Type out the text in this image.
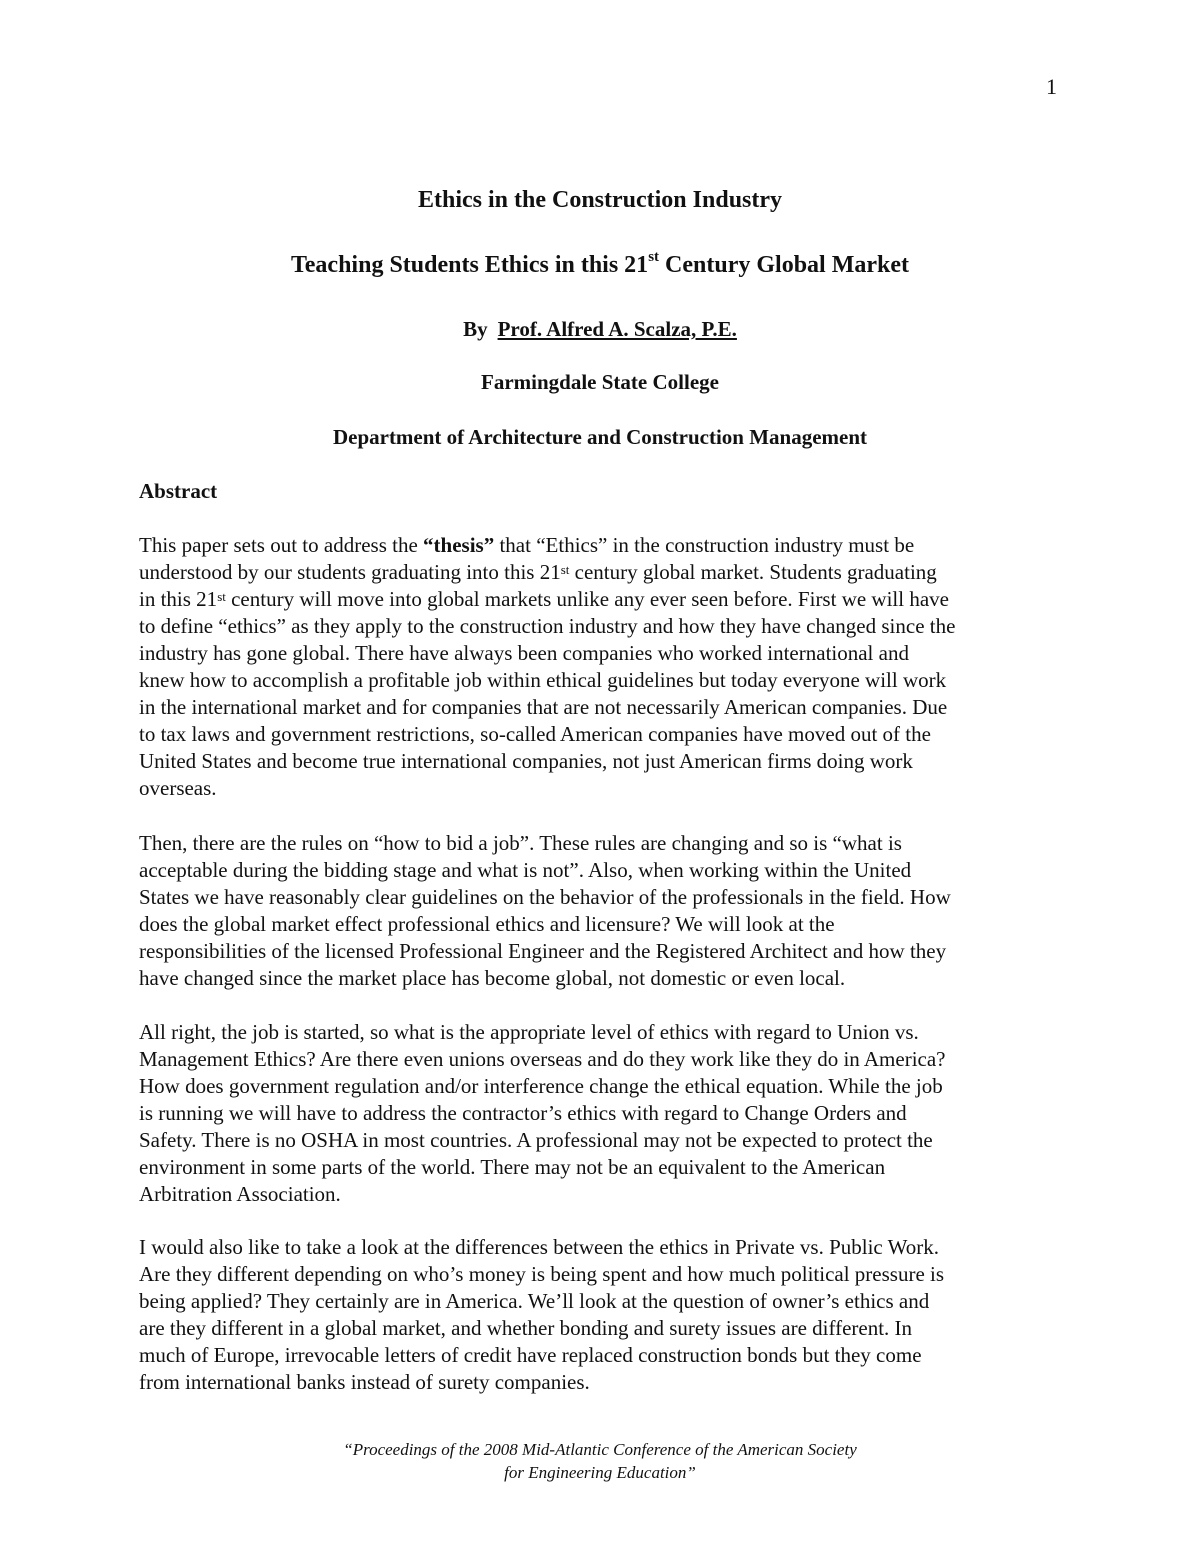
1
Ethics in the Construction Industry
Teaching Students Ethics in this 21st Century Global Market
By Prof. Alfred A. Scalza, P.E.
Farmingdale State College
Department of Architecture and Construction Management
Abstract
This paper sets out to address the “thesis” that “Ethics” in the construction industry must be
understood by our students graduating into this 21st century global market. Students graduating
in this 21st century will move into global markets unlike any ever seen before. First we will have
to define “ethics” as they apply to the construction industry and how they have changed since the
industry has gone global. There have always been companies who worked international and
knew how to accomplish a profitable job within ethical guidelines but today everyone will work
in the international market and for companies that are not necessarily American companies. Due
to tax laws and government restrictions, so-called American companies have moved out of the
United States and become true international companies, not just American firms doing work
overseas.
Then, there are the rules on “how to bid a job”. These rules are changing and so is “what is
acceptable during the bidding stage and what is not”. Also, when working within the United
States we have reasonably clear guidelines on the behavior of the professionals in the field. How
does the global market effect professional ethics and licensure? We will look at the
responsibilities of the licensed Professional Engineer and the Registered Architect and how they
have changed since the market place has become global, not domestic or even local.
All right, the job is started, so what is the appropriate level of ethics with regard to Union vs.
Management Ethics? Are there even unions overseas and do they work like they do in America?
How does government regulation and/or interference change the ethical equation. While the job
is running we will have to address the contractor’s ethics with regard to Change Orders and
Safety. There is no OSHA in most countries. A professional may not be expected to protect the
environment in some parts of the world. There may not be an equivalent to the American
Arbitration Association.
I would also like to take a look at the differences between the ethics in Private vs. Public Work.
Are they different depending on who’s money is being spent and how much political pressure is
being applied? They certainly are in America. We’ll look at the question of owner’s ethics and
are they different in a global market, and whether bonding and surety issues are different. In
much of Europe, irrevocable letters of credit have replaced construction bonds but they come
from international banks instead of surety companies.
“Proceedings of the 2008 Mid-Atlantic Conference of the American Society
for Engineering Education”
